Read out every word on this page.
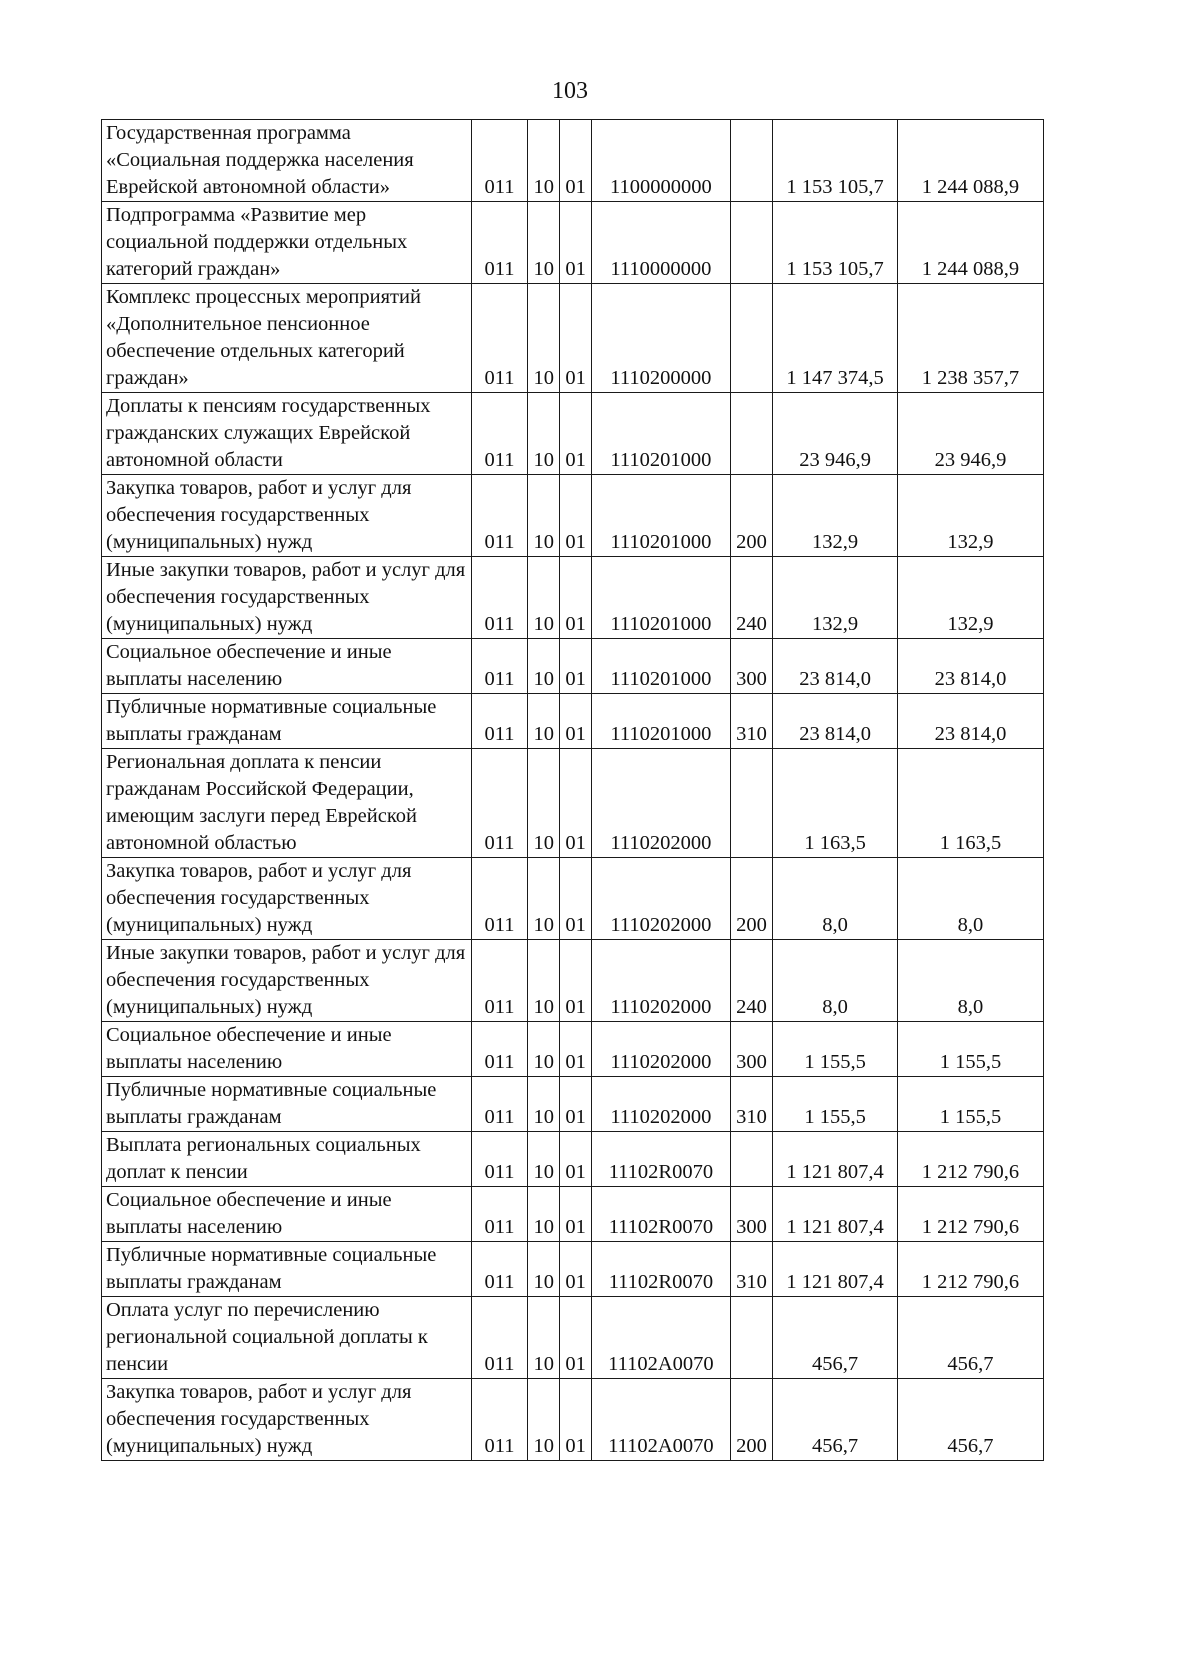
103
Государственная программа «Социальная поддержка населения Еврейской автономной области»	011	10	01	1100000000		1 153 105,7	1 244 088,9
Подпрограмма «Развитие мер социальной поддержки отдельных категорий граждан»	011	10	01	1110000000		1 153 105,7	1 244 088,9
Комплекс процессных мероприятий «Дополнительное пенсионное обеспечение отдельных категорий граждан»	011	10	01	1110200000		1 147 374,5	1 238 357,7
Доплаты к пенсиям государственных гражданских служащих Еврейской автономной области	011	10	01	1110201000		23 946,9	23 946,9
Закупка товаров, работ и услуг для обеспечения государственных (муниципальных) нужд	011	10	01	1110201000	200	132,9	132,9
Иные закупки товаров, работ и услуг для обеспечения государственных (муниципальных) нужд	011	10	01	1110201000	240	132,9	132,9
Социальное обеспечение и иные выплаты населению	011	10	01	1110201000	300	23 814,0	23 814,0
Публичные нормативные социальные выплаты гражданам	011	10	01	1110201000	310	23 814,0	23 814,0
Региональная доплата к пенсии гражданам Российской Федерации, имеющим заслуги перед Еврейской автономной областью	011	10	01	1110202000		1 163,5	1 163,5
Закупка товаров, работ и услуг для обеспечения государственных (муниципальных) нужд	011	10	01	1110202000	200	8,0	8,0
Иные закупки товаров, работ и услуг для обеспечения государственных (муниципальных) нужд	011	10	01	1110202000	240	8,0	8,0
Социальное обеспечение и иные выплаты населению	011	10	01	1110202000	300	1 155,5	1 155,5
Публичные нормативные социальные выплаты гражданам	011	10	01	1110202000	310	1 155,5	1 155,5
Выплата региональных социальных доплат к пенсии	011	10	01	11102R0070		1 121 807,4	1 212 790,6
Социальное обеспечение и иные выплаты населению	011	10	01	11102R0070	300	1 121 807,4	1 212 790,6
Публичные нормативные социальные выплаты гражданам	011	10	01	11102R0070	310	1 121 807,4	1 212 790,6
Оплата услуг по перечислению региональной социальной доплаты к пенсии	011	10	01	11102A0070		456,7	456,7
Закупка товаров, работ и услуг для обеспечения государственных (муниципальных) нужд	011	10	01	11102A0070	200	456,7	456,7
